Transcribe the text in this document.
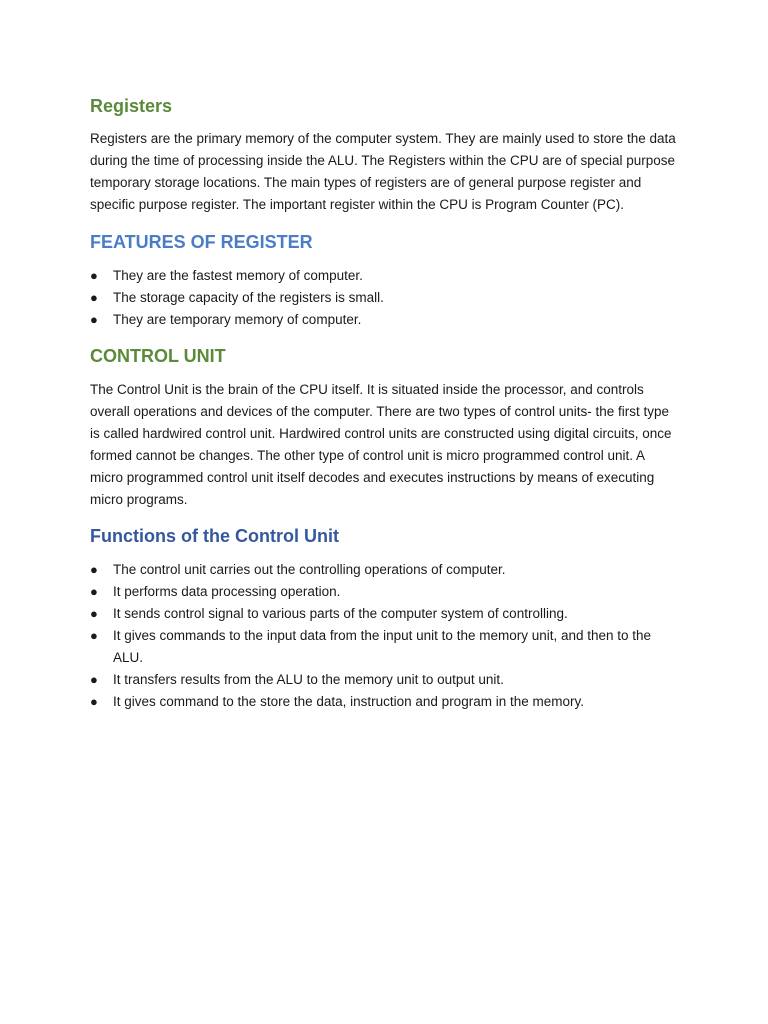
Registers

Registers are the primary memory of the computer system. They are mainly used to store the data during the time of processing inside the ALU. The Registers within the CPU are of special purpose temporary storage locations. The main types of registers are of general purpose register and specific purpose register. The important register within the CPU is Program Counter (PC).

FEATURES OF REGISTER
● They are the fastest memory of computer.
● The storage capacity of the registers is small.
● They are temporary memory of computer.
CONTROL UNIT

The Control Unit is the brain of the CPU itself. It is situated inside the processor, and controls overall operations and devices of the computer. There are two types of control units- the first type is called hardwired control unit. Hardwired control units are constructed using digital circuits, once formed cannot be changes. The other type of control unit is micro programmed control unit. A micro programmed control unit itself decodes and executes instructions by means of executing micro programs.

Functions of the Control Unit
● The control unit carries out the controlling operations of computer.
● It performs data processing operation.
● It sends control signal to various parts of the computer system of controlling.
● It gives commands to the input data from the input unit to the memory unit, and then to the ALU.
● It transfers results from the ALU to the memory unit to output unit.
● It gives command to the store the data, instruction and program in the memory.
